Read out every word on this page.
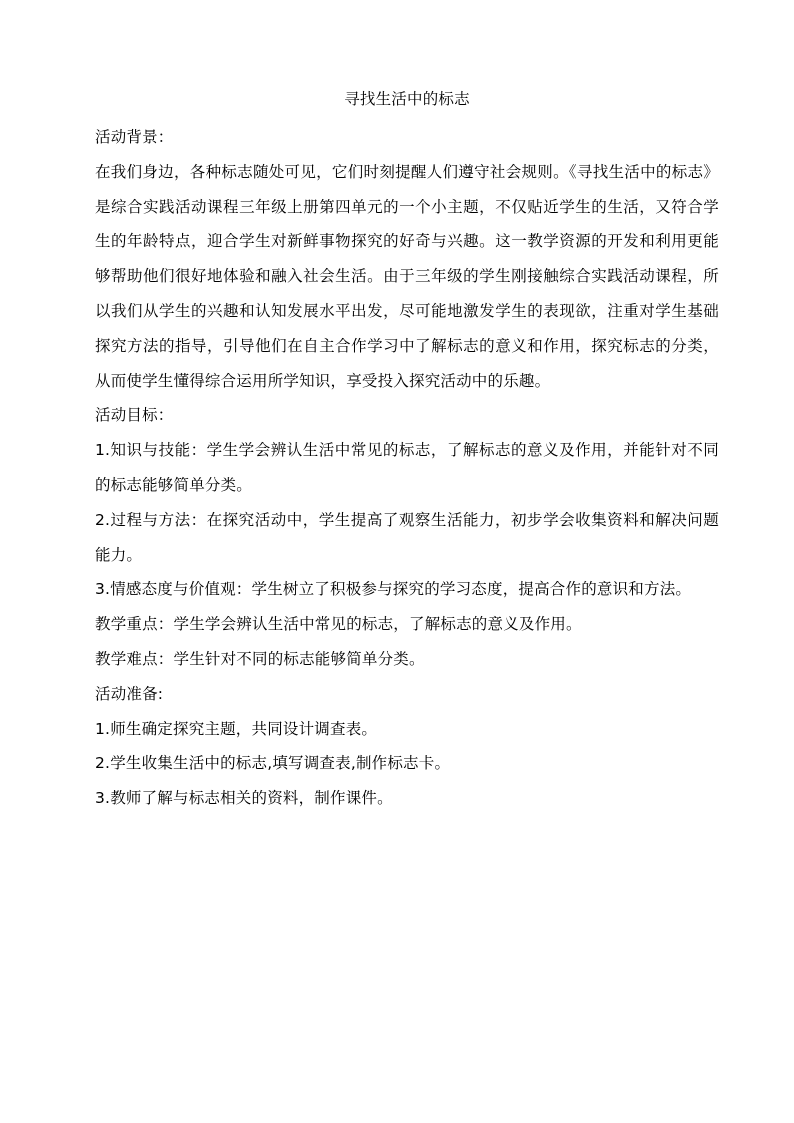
寻找生活中的标志

活动背景：

在我们身边，各种标志随处可见，它们时刻提醒人们遵守社会规则。《寻找生活中的标志》是综合实践活动课程三年级上册第四单元的一个小主题，不仅贴近学生的生活，又符合学生的年龄特点，迎合学生对新鲜事物探究的好奇与兴趣。这一教学资源的开发和利用更能够帮助他们很好地体验和融入社会生活。由于三年级的学生刚接触综合实践活动课程，所以我们从学生的兴趣和认知发展水平出发，尽可能地激发学生的表现欲，注重对学生基础探究方法的指导，引导他们在自主合作学习中了解标志的意义和作用，探究标志的分类，从而使学生懂得综合运用所学知识，享受投入探究活动中的乐趣。

活动目标：

1.知识与技能：学生学会辨认生活中常见的标志，了解标志的意义及作用，并能针对不同的标志能够简单分类。

2.过程与方法：在探究活动中，学生提高了观察生活能力，初步学会收集资料和解决问题能力。

3.情感态度与价值观：学生树立了积极参与探究的学习态度，提高合作的意识和方法。

教学重点：学生学会辨认生活中常见的标志，了解标志的意义及作用。

教学难点：学生针对不同的标志能够简单分类。

活动准备:

1.师生确定探究主题，共同设计调查表。

2.学生收集生活中的标志,填写调查表,制作标志卡。

3.教师了解与标志相关的资料，制作课件。
